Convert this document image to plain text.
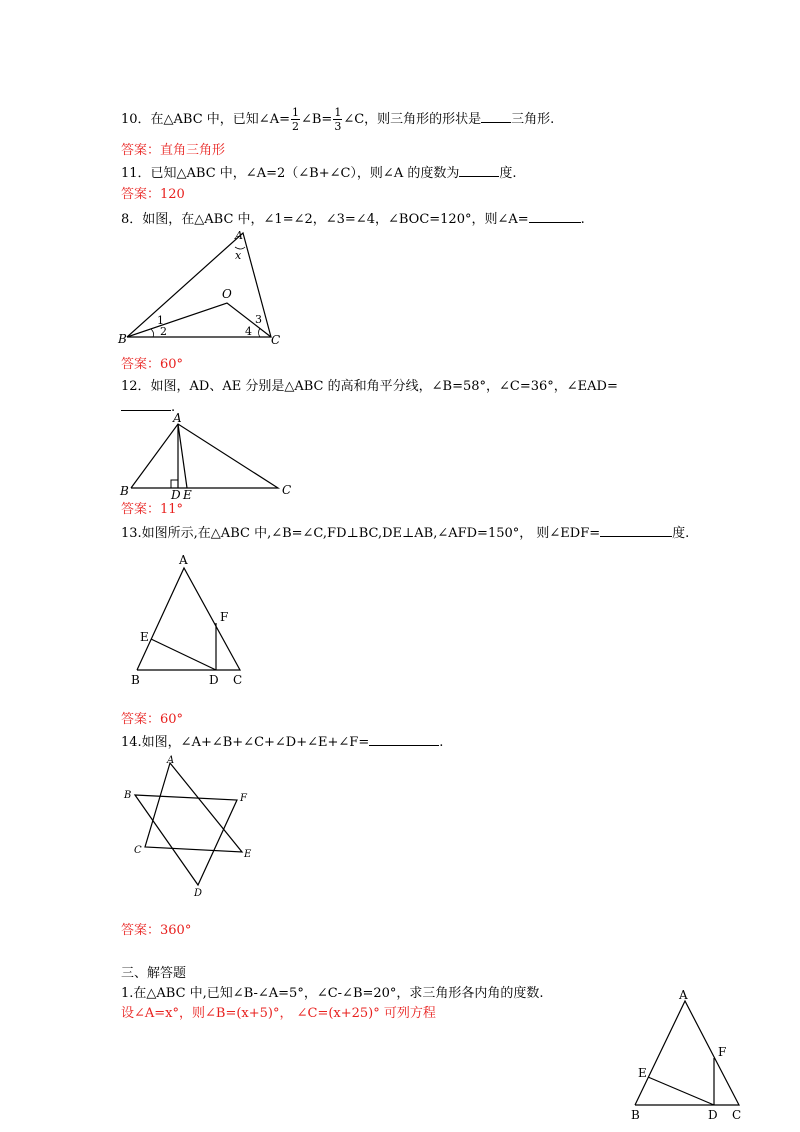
10．在△ABC 中，已知∠A= $\frac{1}{2}$ ∠B= $\frac{1}{3}$ ∠C，则三角形的形状是 三角形.
答案：直角三角形
11．已知△ABC 中，∠A=2（∠B+∠C），则∠A 的度数为	度.
答案：120
8．如图，在△ABC 中，∠1=∠2，∠3=∠4，∠BOC=120°，则∠A=	.
A
x
O
B	C
1
2
3
4
答案：60°
12．如图，AD、AE 分别是△ABC 的高和角平分线，∠B=58°，∠C=36°，∠EAD=
.
A
B	C
D E
答案：11°
13.如图所示,在△ABC 中,∠B=∠C,FD⊥BC,DE⊥AB,∠AFD=150°， 则∠EDF=	度.
A
B	C
D
E
F
答案：60°
14.如图，∠A+∠B+∠C+∠D+∠E+∠F=	.
A
B
C
D
E
F
答案：360°
三、解答题
1.在△ABC 中,已知∠B-∠A=5°，∠C-∠B=20°，求三角形各内角的度数.
设∠A=x°，则∠B=(x+5)°， ∠C=(x+25)° 可列方程
A
B	C
D
E
F
